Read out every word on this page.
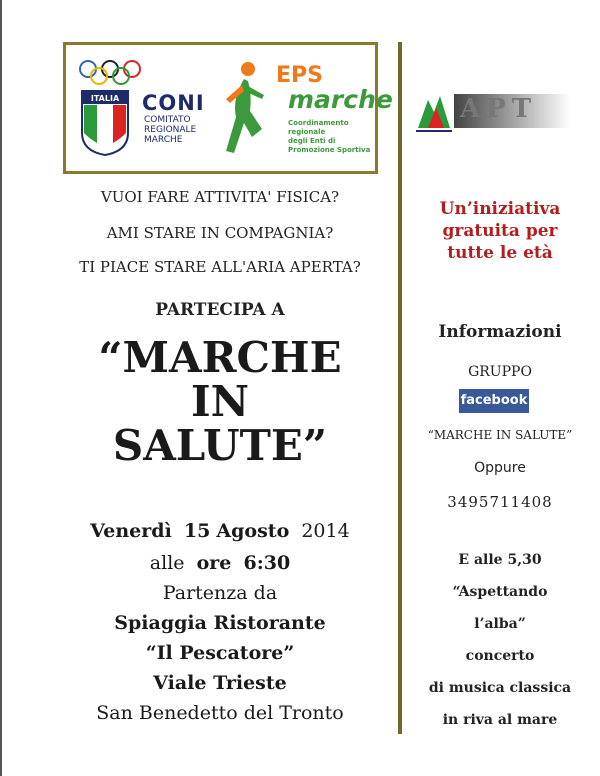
ITALIA CONI
COMITATO
REGIONALE
MARCHE
EPS
marche
Coordinamento regionale
degli Enti di Promozione Sportiva
APT
VUOI FARE ATTIVITA' FISICA?
AMI STARE IN COMPAGNIA?
TI PIACE STARE ALL'ARIA APERTA?
PARTECIPA A
“MARCHE
IN
SALUTE”
Venerdì 15 Agosto 2014
alle ore 6:30
Partenza da
Spiaggia Ristorante
“Il Pescatore”
Viale Trieste
San Benedetto del Tronto
Un’iniziativa
gratuita per
tutte le età
Informazioni
GRUPPO
facebook
“MARCHE IN SALUTE”
Oppure
3495711408
E alle 5,30
“Aspettando
l’alba”
concerto
di musica classica
in riva al mare
